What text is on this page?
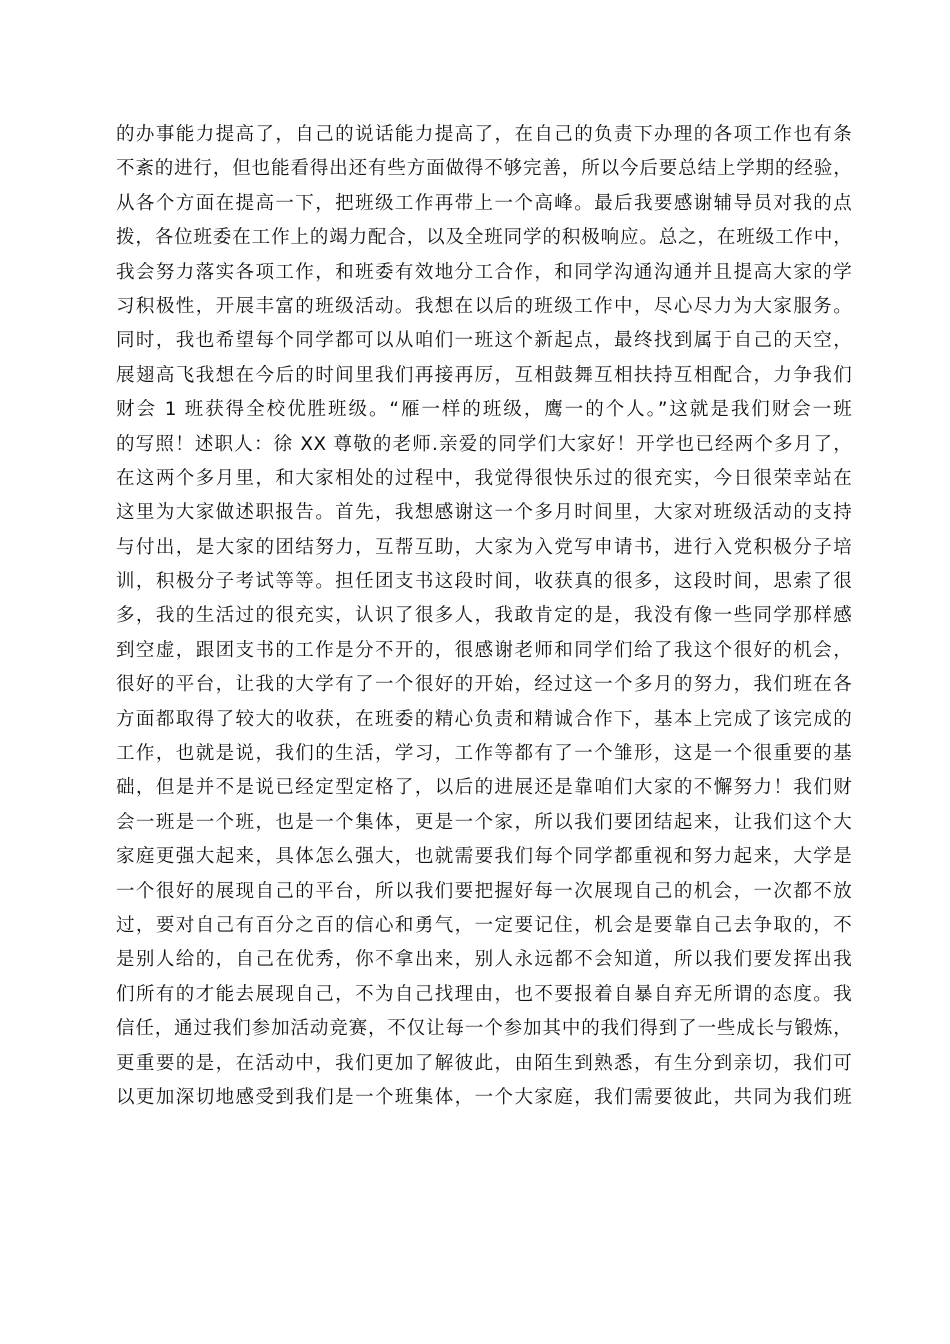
的办事能力提高了，自己的说话能力提高了，在自己的负责下办理的各项工作也有条
不紊的进行，但也能看得出还有些方面做得不够完善，所以今后要总结上学期的经验，
从各个方面在提高一下，把班级工作再带上一个高峰。最后我要感谢辅导员对我的点
拨，各位班委在工作上的竭力配合，以及全班同学的积极响应。总之，在班级工作中，
我会努力落实各项工作，和班委有效地分工合作，和同学沟通沟通并且提高大家的学
习积极性，开展丰富的班级活动。我想在以后的班级工作中，尽心尽力为大家服务。
同时，我也希望每个同学都可以从咱们一班这个新起点，最终找到属于自己的天空，
展翅高飞我想在今后的时间里我们再接再厉，互相鼓舞互相扶持互相配合，力争我们
财会 1 班获得全校优胜班级。“雁一样的班级，鹰一的个人。”这就是我们财会一班
的写照！述职人：徐 XX 尊敬的老师.亲爱的同学们大家好！开学也已经两个多月了，
在这两个多月里，和大家相处的过程中，我觉得很快乐过的很充实，今日很荣幸站在
这里为大家做述职报告。首先，我想感谢这一个多月时间里，大家对班级活动的支持
与付出，是大家的团结努力，互帮互助，大家为入党写申请书，进行入党积极分子培
训，积极分子考试等等。担任团支书这段时间，收获真的很多，这段时间，思索了很
多，我的生活过的很充实，认识了很多人，我敢肯定的是，我没有像一些同学那样感
到空虚，跟团支书的工作是分不开的，很感谢老师和同学们给了我这个很好的机会，
很好的平台，让我的大学有了一个很好的开始，经过这一个多月的努力，我们班在各
方面都取得了较大的收获，在班委的精心负责和精诚合作下，基本上完成了该完成的
工作，也就是说，我们的生活，学习，工作等都有了一个雏形，这是一个很重要的基
础，但是并不是说已经定型定格了，以后的进展还是靠咱们大家的不懈努力！我们财
会一班是一个班，也是一个集体，更是一个家，所以我们要团结起来，让我们这个大
家庭更强大起来，具体怎么强大，也就需要我们每个同学都重视和努力起来，大学是
一个很好的展现自己的平台，所以我们要把握好每一次展现自己的机会，一次都不放
过，要对自己有百分之百的信心和勇气，一定要记住，机会是要靠自己去争取的，不
是别人给的，自己在优秀，你不拿出来，别人永远都不会知道，所以我们要发挥出我
们所有的才能去展现自己，不为自己找理由，也不要报着自暴自弃无所谓的态度。我
信任，通过我们参加活动竞赛，不仅让每一个参加其中的我们得到了一些成长与锻炼，
更重要的是，在活动中，我们更加了解彼此，由陌生到熟悉，有生分到亲切，我们可
以更加深切地感受到我们是一个班集体，一个大家庭，我们需要彼此，共同为我们班
